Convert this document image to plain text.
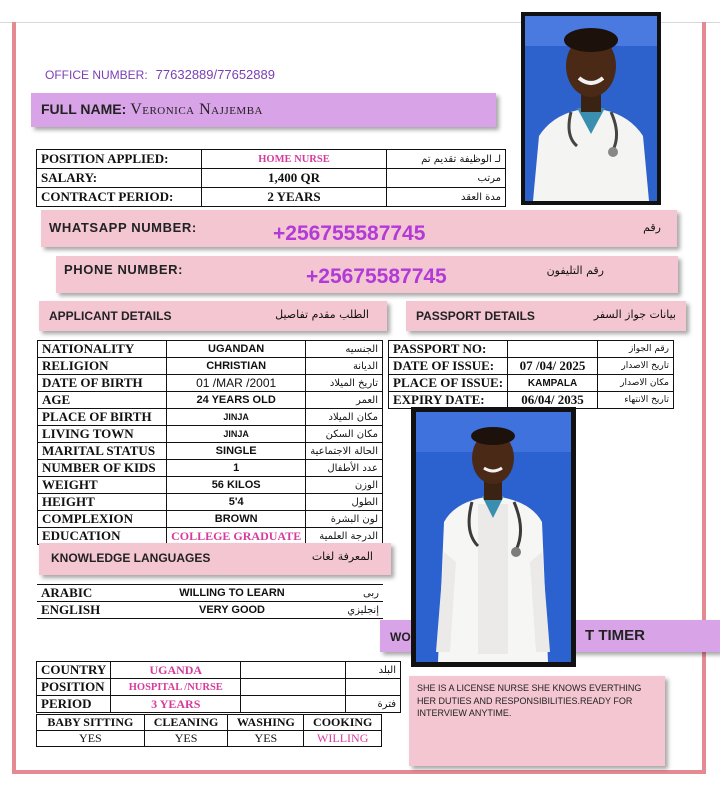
OFFICE NUMBER: 77632889/77652889
FULL NAME: Veronica Najjemba
POSITION APPLIED:	HOME NURSE	لـ الوظيفة تقديم تم
SALARY:	1,400 QR	مرتب
CONTRACT PERIOD:	2 YEARS	مدة العقد
WHATSAPP NUMBER:	+256755587745	رقم
PHONE NUMBER:	+25675587745	رقم التليفون
APPLICANT DETAILS	الطلب مقدم تفاصيل	PASSPORT DETAILS	بيانات جواز السفر
NATIONALITY	UGANDAN	الجنسيه
RELIGION	CHRISTIAN	الديانة
DATE OF BIRTH	01 /MAR /2001	تاريخ الميلاد
AGE	24 YEARS OLD	العمر
PLACE OF BIRTH	JINJA	مكان الميلاد
LIVING TOWN	JINJA	مكان السكن
MARITAL STATUS	SINGLE	الحالة الاجتماعية
NUMBER OF KIDS	1	عدد الأطفال
WEIGHT	56 KILOS	الوزن
HEIGHT	5'4	الطول
COMPLEXION	BROWN	لون البشرة
EDUCATION	COLLEGE GRADUATE	الدرجة العلمية
PASSPORT NO:		رقم الجواز
DATE OF ISSUE:	07 /04/ 2025	تاريخ الاصدار
PLACE OF ISSUE:	KAMPALA	مكان الاصدار
EXPIRY DATE:	06/04/ 2035	تاريخ الانتهاء
KNOWLEDGE LANGUAGES	المعرفة لغات
ARABIC	WILLING TO LEARN	ربى
ENGLISH	VERY GOOD	إنجليزي
WO	T TIMER
COUNTRY	UGANDA		البلد
POSITION	HOSPITAL /NURSE		
PERIOD	3 YEARS		فترة
BABY SITTING	CLEANING	WASHING	COOKING
YES	YES	YES	WILLING
SHE IS A LICENSE NURSE SHE KNOWS EVERTHING HER DUTIES AND RESPONSIBILITIES.READY FOR INTERVIEW ANYTIME.
